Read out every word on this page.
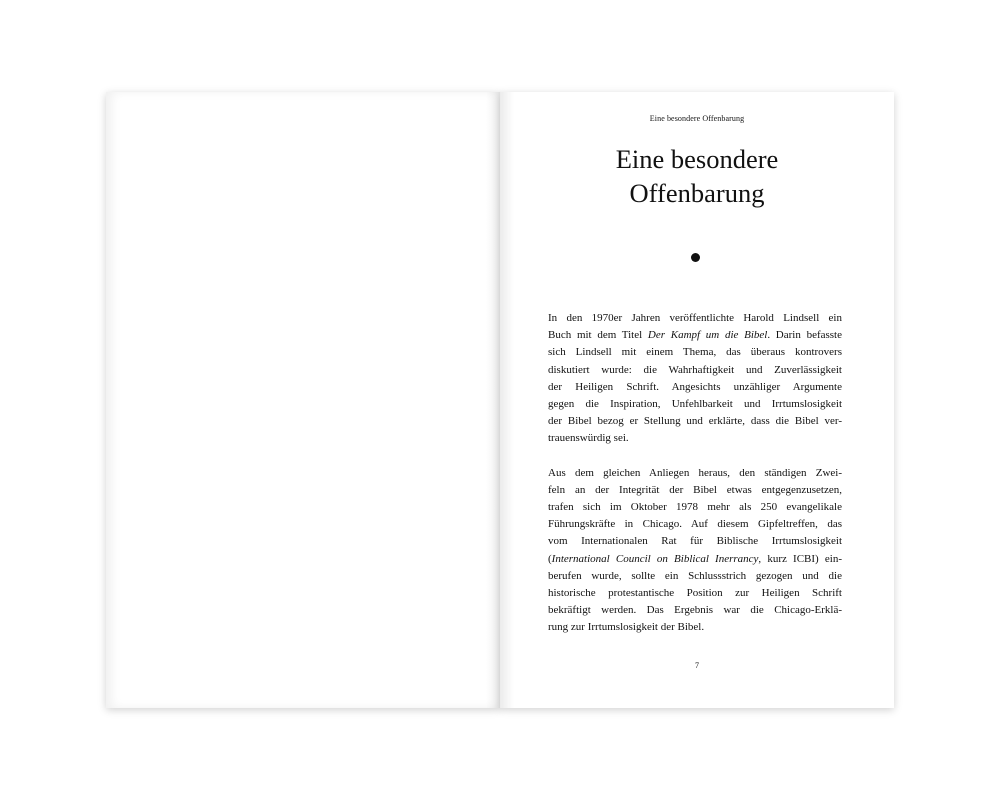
Eine besondere Offenbarung
Eine besondere
Offenbarung

In den 1970er Jahren veröffentlichte Harold Lindsell ein
Buch mit dem Titel Der Kampf um die Bibel. Darin befasste
sich Lindsell mit einem Thema, das überaus kontrovers
diskutiert wurde: die Wahrhaftigkeit und Zuverlässigkeit
der Heiligen Schrift. Angesichts unzähliger Argumente
gegen die Inspiration, Unfehlbarkeit und Irrtumslosigkeit
der Bibel bezog er Stellung und erklärte, dass die Bibel ver-
trauenswürdig sei.

Aus dem gleichen Anliegen heraus, den ständigen Zwei-
feln an der Integrität der Bibel etwas entgegenzusetzen,
trafen sich im Oktober 1978 mehr als 250 evangelikale
Führungskräfte in Chicago. Auf diesem Gipfeltreffen, das
vom Internationalen Rat für Biblische Irrtumslosigkeit
(International Council on Biblical Inerrancy, kurz ICBI) ein-
berufen wurde, sollte ein Schlussstrich gezogen und die
historische protestantische Position zur Heiligen Schrift
bekräftigt werden. Das Ergebnis war die Chicago-Erklä-
rung zur Irrtumslosigkeit der Bibel.

7
